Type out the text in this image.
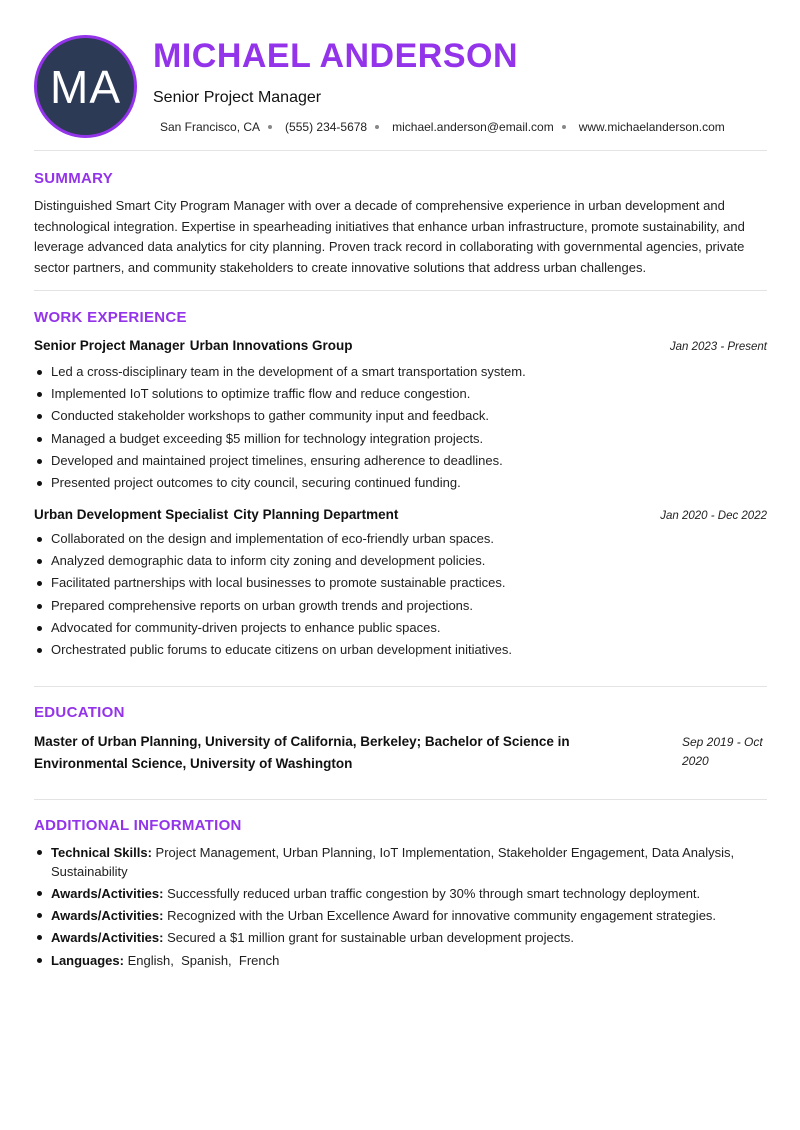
MA
MICHAEL ANDERSON
Senior Project Manager
San Francisco, CA (555) 234-5678 michael.anderson@email.com www.michaelanderson.com
SUMMARY

Distinguished Smart City Program Manager with over a decade of comprehensive experience in urban development and technological integration. Expertise in spearheading initiatives that enhance urban infrastructure, promote sustainability, and leverage advanced data analytics for city planning. Proven track record in collaborating with governmental agencies, private sector partners, and community stakeholders to create innovative solutions that address urban challenges.

WORK EXPERIENCE
Senior Project Manager Urban Innovations Group	Jan 2023 - Present
Led a cross-disciplinary team in the development of a smart transportation system.
Implemented IoT solutions to optimize traffic flow and reduce congestion.
Conducted stakeholder workshops to gather community input and feedback.
Managed a budget exceeding $5 million for technology integration projects.
Developed and maintained project timelines, ensuring adherence to deadlines.
Presented project outcomes to city council, securing continued funding.
Urban Development Specialist City Planning Department	Jan 2020 - Dec 2022
Collaborated on the design and implementation of eco-friendly urban spaces.
Analyzed demographic data to inform city zoning and development policies.
Facilitated partnerships with local businesses to promote sustainable practices.
Prepared comprehensive reports on urban growth trends and projections.
Advocated for community-driven projects to enhance public spaces.
Orchestrated public forums to educate citizens on urban development initiatives.
EDUCATION
Master of Urban Planning, University of California, Berkeley; Bachelor of Science in Environmental Science, University of Washington
Sep 2019 - Oct 2020
ADDITIONAL INFORMATION
Technical Skills: Project Management, Urban Planning, IoT Implementation, Stakeholder Engagement, Data Analysis, Sustainability
Awards/Activities: Successfully reduced urban traffic congestion by 30% through smart technology deployment.
Awards/Activities: Recognized with the Urban Excellence Award for innovative community engagement strategies.
Awards/Activities: Secured a $1 million grant for sustainable urban development projects.
Languages: English,  Spanish,  French
